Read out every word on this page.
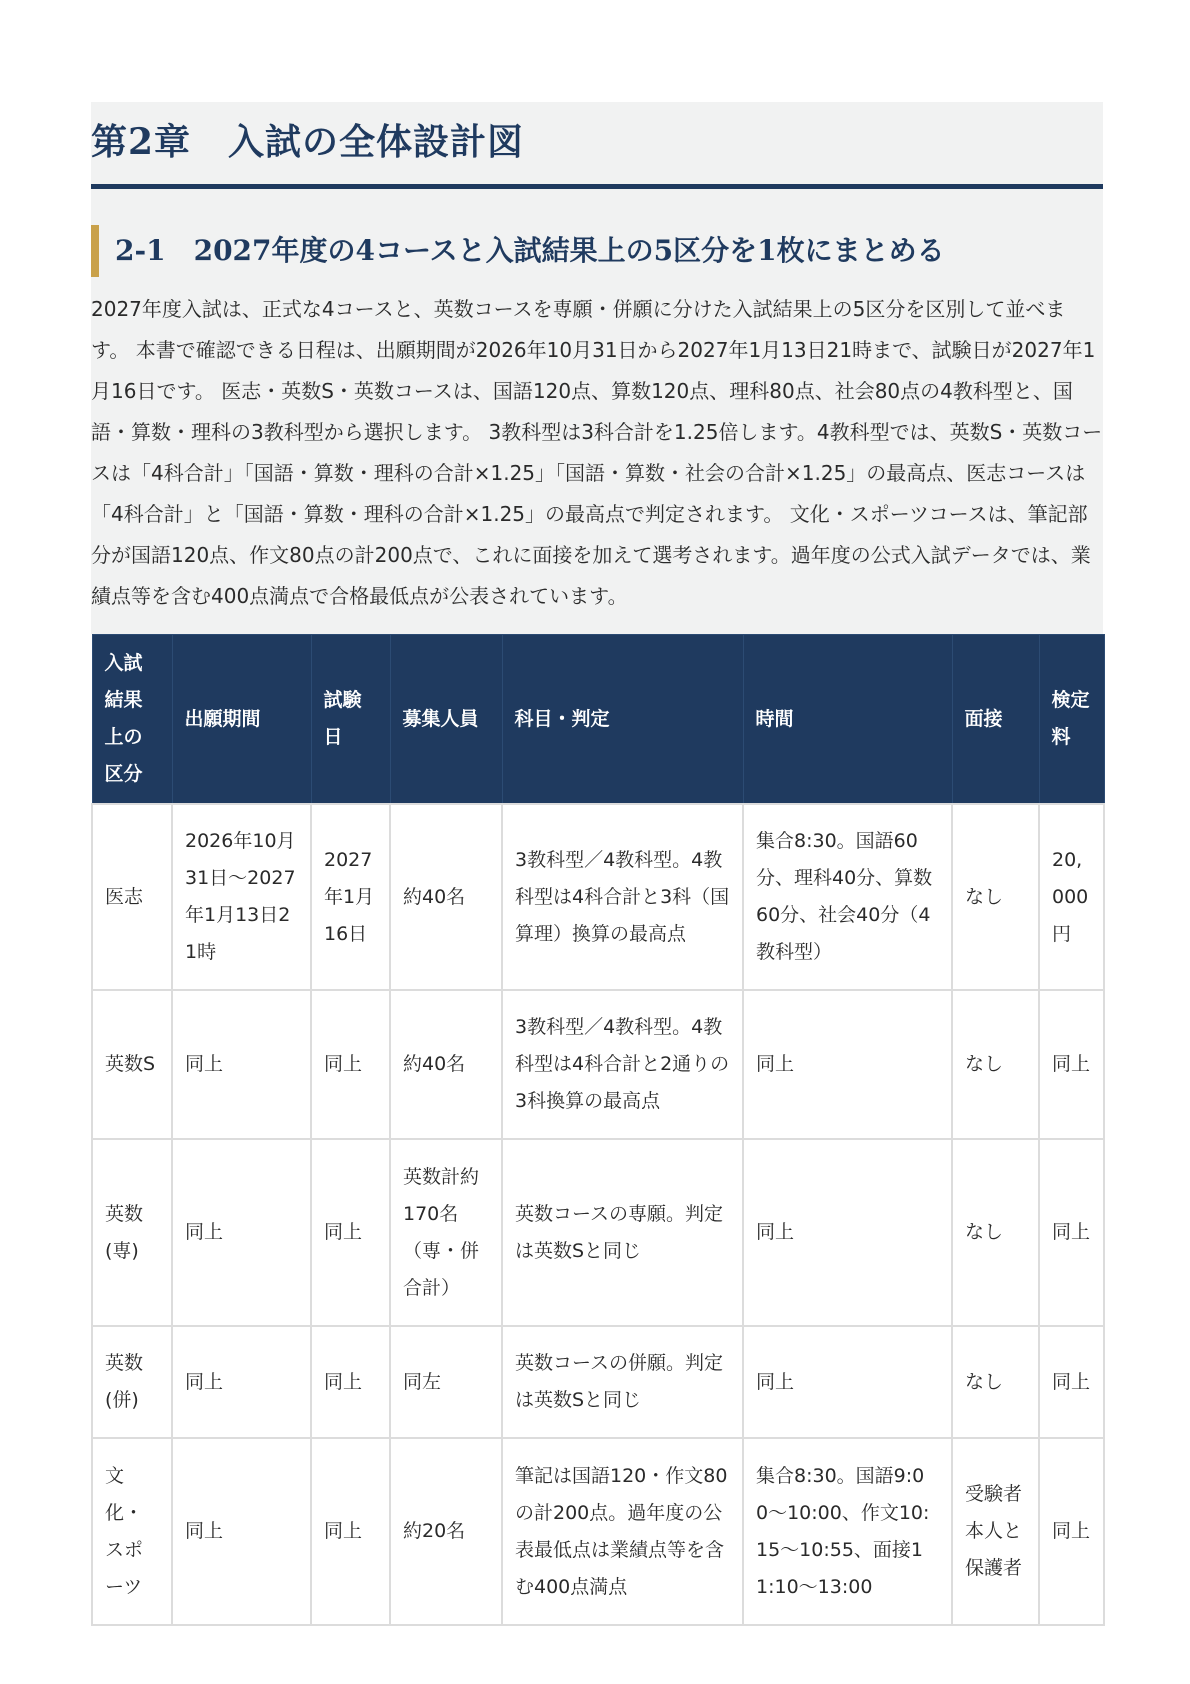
第2章　入試の全体設計図
2-1　2027年度の4コースと入試結果上の5区分を1枚にまとめる

2027年度入試は、正式な4コースと、英数コースを専願・併願に分けた入試結果上の5区分を区別して並べます。 本書で確認できる日程は、出願期間が2026年10月31日から2027年1月13日21時まで、試験日が2027年1月16日です。 医志・英数S・英数コースは、国語120点、算数120点、理科80点、社会80点の4教科型と、国語・算数・理科の3教科型から選択します。 3教科型は3科合計を1.25倍します。4教科型では、英数S・英数コースは「4科合計」「国語・算数・理科の合計×1.25」「国語・算数・社会の合計×1.25」の最高点、医志コースは「4科合計」と「国語・算数・理科の合計×1.25」の最高点で判定されます。 文化・スポーツコースは、筆記部分が国語120点、作文80点の計200点で、これに面接を加えて選考されます。過年度の公式入試データでは、業績点等を含む400点満点で合格最低点が公表されています。

入試結果上の区分	出願期間	試験日	募集人員	科目・判定	時間	面接	検定料
医志	2026年10月31日〜2027年1月13日21時	2027年1月16日	約40名	3教科型／4教科型。4教科型は4科合計と3科（国算理）換算の最高点	集合8:30。国語60分、理科40分、算数60分、社会40分（4教科型）	なし	20,000円
英数S	同上	同上	約40名	3教科型／4教科型。4教科型は4科合計と2通りの3科換算の最高点	同上	なし	同上
英数(専)	同上	同上	英数計約170名（専・併合計）	英数コースの専願。判定は英数Sと同じ	同上	なし	同上
英数(併)	同上	同上	同左	英数コースの併願。判定は英数Sと同じ	同上	なし	同上
文化・スポーツ	同上	同上	約20名	筆記は国語120・作文80の計200点。過年度の公表最低点は業績点等を含む400点満点	集合8:30。国語9:00〜10:00、作文10:15〜10:55、面接11:10〜13:00	受験者本人と保護者	同上
